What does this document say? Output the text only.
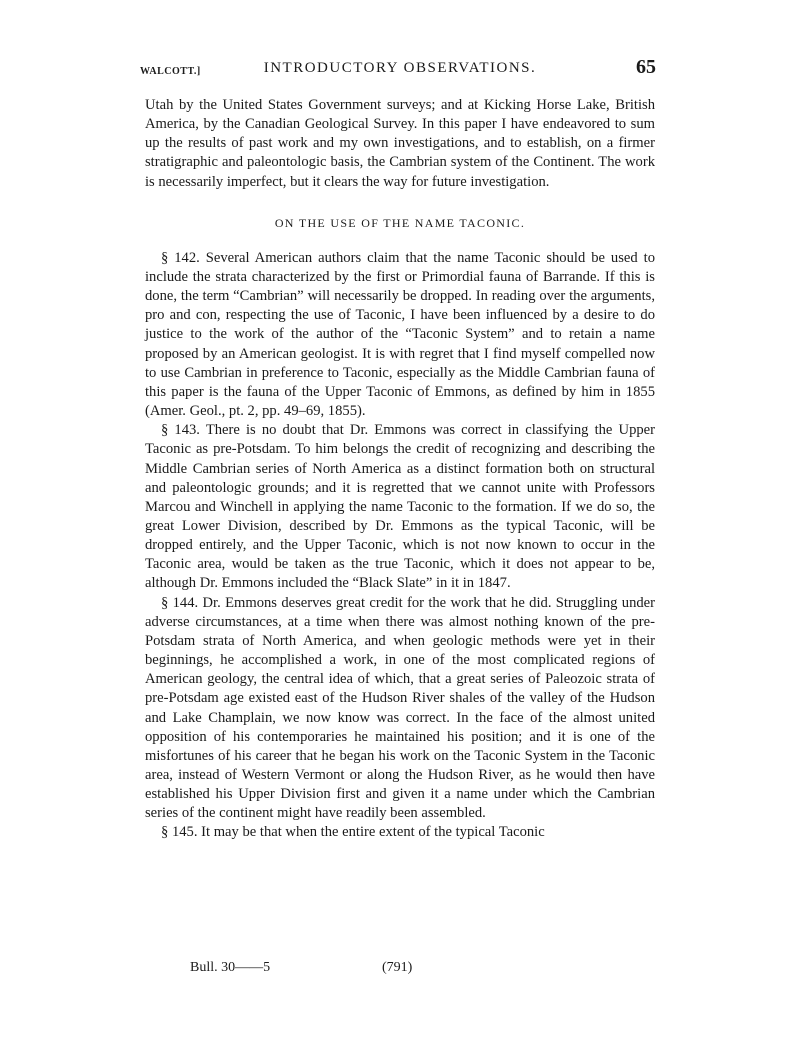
WALCOTT.]	INTRODUCTORY OBSERVATIONS.	65

Utah by the United States Government surveys; and at Kicking Horse Lake, British America, by the Canadian Geological Survey. In this paper I have endeavored to sum up the results of past work and my own investigations, and to establish, on a firmer stratigraphic and paleontologic basis, the Cambrian system of the Continent. The work is necessarily imperfect, but it clears the way for future investigation.

ON THE USE OF THE NAME TACONIC.

§ 142. Several American authors claim that the name Taconic should be used to include the strata characterized by the first or Primordial fauna of Barrande. If this is done, the term “Cambrian” will necessarily be dropped. In reading over the arguments, pro and con, respecting the use of Taconic, I have been influenced by a desire to do justice to the work of the author of the “Taconic System” and to retain a name proposed by an American geologist. It is with regret that I find myself compelled now to use Cambrian in preference to Taconic, especially as the Middle Cambrian fauna of this paper is the fauna of the Upper Taconic of Emmons, as defined by him in 1855 (Amer. Geol., pt. 2, pp. 49–69, 1855).

§ 143. There is no doubt that Dr. Emmons was correct in classifying the Upper Taconic as pre-Potsdam. To him belongs the credit of recognizing and describing the Middle Cambrian series of North America as a distinct formation both on structural and paleontologic grounds; and it is regretted that we cannot unite with Professors Marcou and Winchell in applying the name Taconic to the formation. If we do so, the great Lower Division, described by Dr. Emmons as the typical Taconic, will be dropped entirely, and the Upper Taconic, which is not now known to occur in the Taconic area, would be taken as the true Taconic, which it does not appear to be, although Dr. Emmons included the “Black Slate” in it in 1847.

§ 144. Dr. Emmons deserves great credit for the work that he did. Struggling under adverse circumstances, at a time when there was almost nothing known of the pre-Potsdam strata of North America, and when geologic methods were yet in their beginnings, he accomplished a work, in one of the most complicated regions of American geology, the central idea of which, that a great series of Paleozoic strata of pre-Potsdam age existed east of the Hudson River shales of the valley of the Hudson and Lake Champlain, we now know was correct. In the face of the almost united opposition of his contemporaries he maintained his position; and it is one of the misfortunes of his career that he began his work on the Taconic System in the Taconic area, instead of Western Vermont or along the Hudson River, as he would then have established his Upper Division first and given it a name under which the Cambrian series of the continent might have readily been assembled.

§ 145. It may be that when the entire extent of the typical Taconic

Bull. 30——5	(791)
